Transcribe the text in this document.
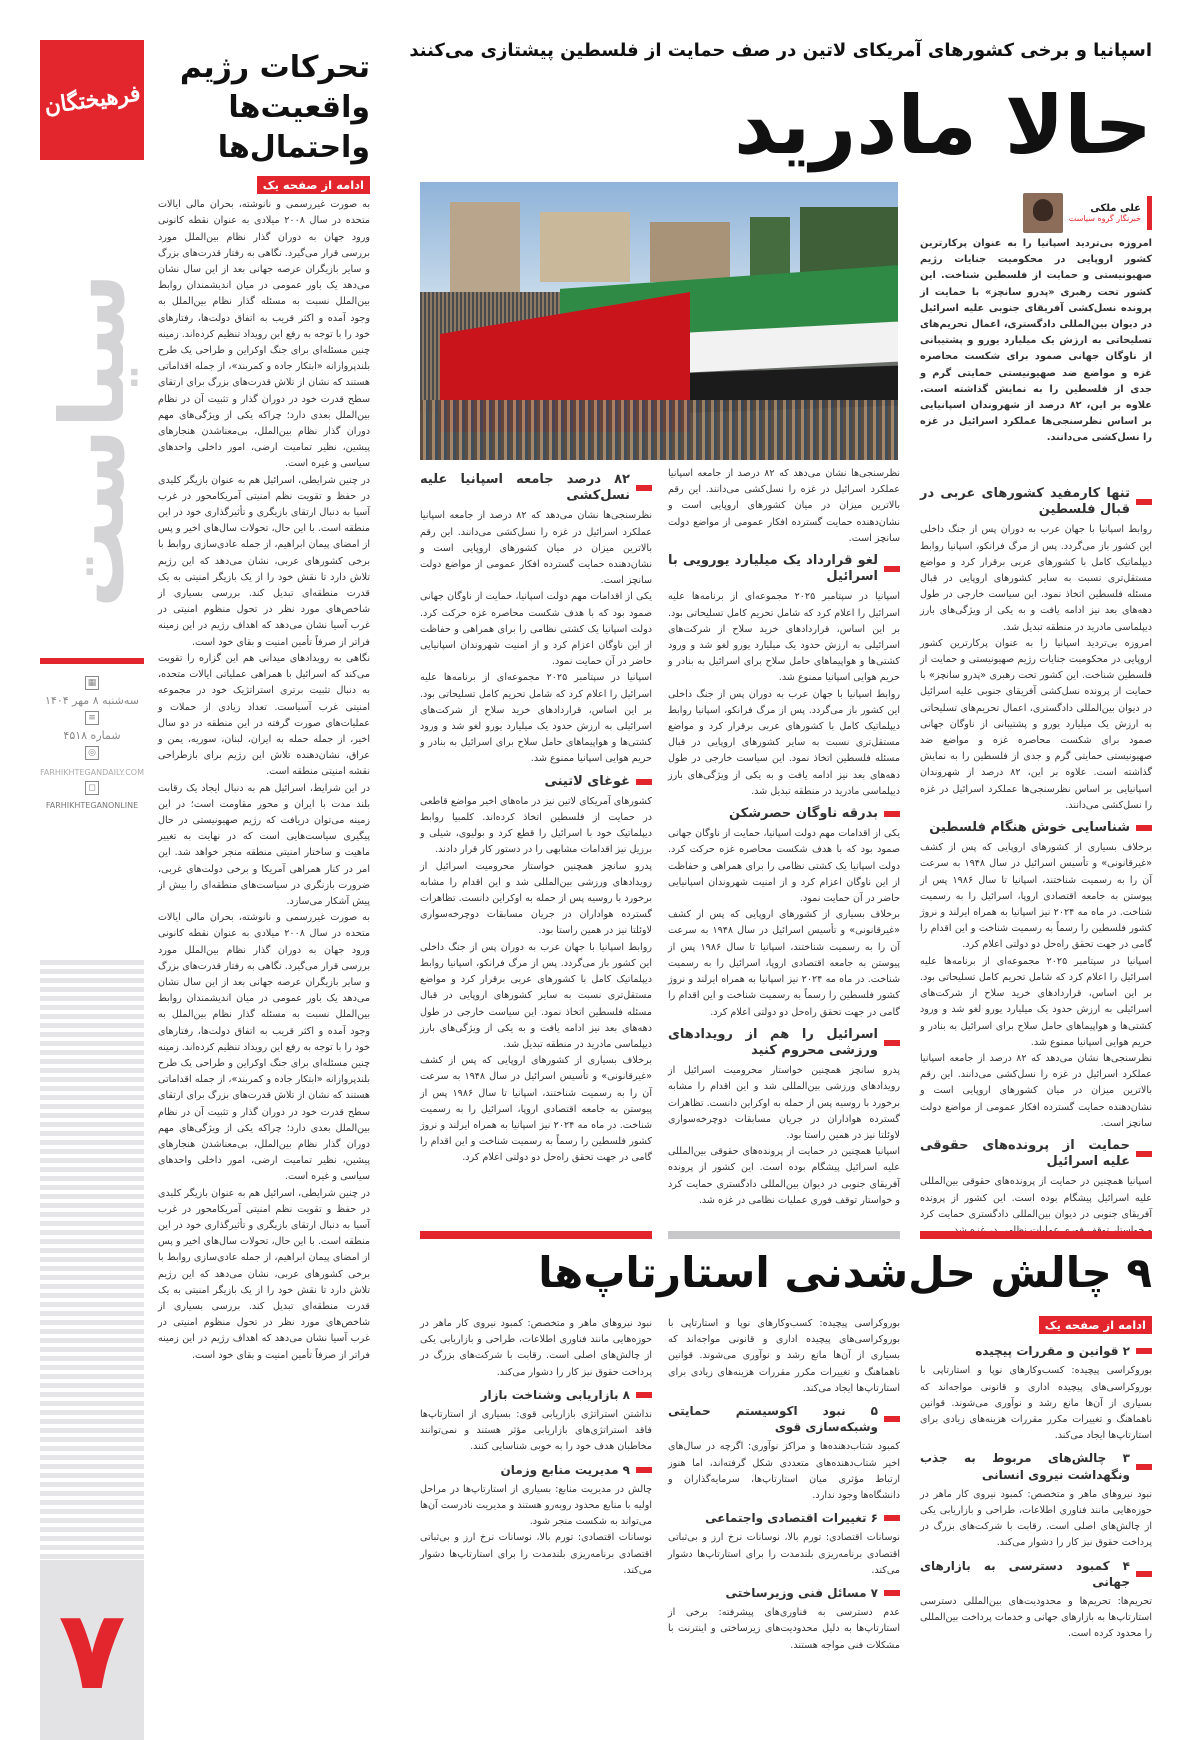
فرهیختگان
سیاست
▦
سه‌شنبه ۸ مهر ۱۴۰۴
≡
شماره ۴۵۱۸
◎
FARHIKHTEGANDAILY.COM
◻
FARHIKHTEGANONLINE
۷
تحرکات رژیم واقعیت‌ها واحتمال‌ها
ادامه از صفحه یک

به صورت غیررسمی و نانوشته، بحران مالی ایالات متحده در سال ۲۰۰۸ میلادی به عنوان نقطه کانونی ورود جهان به دوران گذار نظام بین‌الملل مورد بررسی قرار می‌گیرد. نگاهی به رفتار قدرت‌های بزرگ و سایر بازیگران عرصه جهانی بعد از این سال نشان می‌دهد یک باور عمومی در میان اندیشمندان روابط بین‌الملل نسبت به مسئله گذار نظام بین‌الملل به وجود آمده و اکثر قریب به اتفاق دولت‌ها، رفتارهای خود را با توجه به رفع این رویداد تنظیم کرده‌اند. زمینه چنین مسئله‌ای برای جنگ اوکراین و طراحی یک طرح بلندپروازانه «ابتکار جاده و کمربند»، از جمله اقداماتی هستند که نشان از تلاش قدرت‌های بزرگ برای ارتقای سطح قدرت خود در دوران گذار و تثبیت آن در نظام بین‌الملل بعدی دارد؛ چراکه یکی از ویژگی‌های مهم دوران گذار نظام بین‌الملل، بی‌معناشدن هنجارهای پیشین، نظیر تمامیت ارضی، امور داخلی واحدهای سیاسی و غیره است.

در چنین شرایطی، اسرائیل هم به عنوان بازیگر کلیدی در حفظ و تقویت نظم امنیتی آمریکامحور در غرب آسیا به دنبال ارتقای بازیگری و تأثیرگذاری خود در این منطقه است. با این حال، تحولات سال‌های اخیر و پس از امضای پیمان ابراهیم، از جمله عادی‌سازی روابط با برخی کشورهای عربی، نشان می‌دهد که این رژیم تلاش دارد تا نقش خود را از یک بازیگر امنیتی به یک قدرت منطقه‌ای تبدیل کند. بررسی بسیاری از شاخص‌های مورد نظر در تحول منظوم امنیتی در غرب آسیا نشان می‌دهد که اهداف رژیم در این زمینه فراتر از صرفاً تأمین امنیت و بقای خود است.

نگاهی به رویدادهای میدانی هم این گزاره را تقویت می‌کند که اسرائیل با همراهی عملیاتی ایالات متحده، به دنبال تثبیت برتری استراتژیک خود در مجموعه امنیتی غرب آسیاست. تعداد زیادی از حملات و عملیات‌های صورت گرفته در این منطقه در دو سال اخیر، از جمله حمله به ایران، لبنان، سوریه، یمن و عراق، نشان‌دهنده تلاش این رژیم برای بازطراحی نقشه امنیتی منطقه است.

در این شرایط، اسرائیل هم به دنبال ایجاد یک رقابت بلند مدت با ایران و محور مقاومت است؛ در این زمینه می‌توان دریافت که رژیم صهیونیستی در حال پیگیری سیاست‌هایی است که در نهایت به تغییر ماهیت و ساختار امنیتی منطقه منجر خواهد شد. این امر در کنار همراهی آمریکا و برخی دولت‌های غربی، ضرورت بازنگری در سیاست‌های منطقه‌ای را بیش از پیش آشکار می‌سازد.

به صورت غیررسمی و نانوشته، بحران مالی ایالات متحده در سال ۲۰۰۸ میلادی به عنوان نقطه کانونی ورود جهان به دوران گذار نظام بین‌الملل مورد بررسی قرار می‌گیرد. نگاهی به رفتار قدرت‌های بزرگ و سایر بازیگران عرصه جهانی بعد از این سال نشان می‌دهد یک باور عمومی در میان اندیشمندان روابط بین‌الملل نسبت به مسئله گذار نظام بین‌الملل به وجود آمده و اکثر قریب به اتفاق دولت‌ها، رفتارهای خود را با توجه به رفع این رویداد تنظیم کرده‌اند. زمینه چنین مسئله‌ای برای جنگ اوکراین و طراحی یک طرح بلندپروازانه «ابتکار جاده و کمربند»، از جمله اقداماتی هستند که نشان از تلاش قدرت‌های بزرگ برای ارتقای سطح قدرت خود در دوران گذار و تثبیت آن در نظام بین‌الملل بعدی دارد؛ چراکه یکی از ویژگی‌های مهم دوران گذار نظام بین‌الملل، بی‌معناشدن هنجارهای پیشین، نظیر تمامیت ارضی، امور داخلی واحدهای سیاسی و غیره است.

در چنین شرایطی، اسرائیل هم به عنوان بازیگر کلیدی در حفظ و تقویت نظم امنیتی آمریکامحور در غرب آسیا به دنبال ارتقای بازیگری و تأثیرگذاری خود در این منطقه است. با این حال، تحولات سال‌های اخیر و پس از امضای پیمان ابراهیم، از جمله عادی‌سازی روابط با برخی کشورهای عربی، نشان می‌دهد که این رژیم تلاش دارد تا نقش خود را از یک بازیگر امنیتی به یک قدرت منطقه‌ای تبدیل کند. بررسی بسیاری از شاخص‌های مورد نظر در تحول منظوم امنیتی در غرب آسیا نشان می‌دهد که اهداف رژیم در این زمینه فراتر از صرفاً تأمین امنیت و بقای خود است.

اسپانیا و برخی کشورهای آمریکای لاتین در صف حمایت از فلسطین پیشتازی می‌کنند
حالا مادرید
علی ملکی
خبرنگار گروه سیاست

امروزه بی‌تردید اسپانیا را به عنوان پرکارترین کشور اروپایی در محکومیت جنایات رژیم صهیونیستی و حمایت از فلسطین شناخت. این کشور تحت رهبری «پدرو سانچز» با حمایت از پرونده نسل‌کشی آفریقای جنوبی علیه اسرائیل در دیوان بین‌المللی دادگستری، اعمال تحریم‌های تسلیحاتی به ارزش یک میلیارد یورو و پشتیبانی از ناوگان جهانی صمود برای شکست محاصره غزه و مواضع ضد صهیونیستی حمایتی گرم و جدی از فلسطین را به نمایش گذاشته است. علاوه بر این، ۸۲ درصد از شهروندان اسپانیایی بر اساس نظرسنجی‌ها عملکرد اسرائیل در غزه را نسل‌کشی می‌دانند.

تنها کارمفید کشورهای عربی در قبال فلسطین

روابط اسپانیا با جهان عرب به دوران پس از جنگ داخلی این کشور باز می‌گردد. پس از مرگ فرانکو، اسپانیا روابط دیپلماتیک کامل با کشورهای عربی برقرار کرد و مواضع مستقل‌تری نسبت به سایر کشورهای اروپایی در قبال مسئله فلسطین اتخاذ نمود. این سیاست خارجی در طول دهه‌های بعد نیز ادامه یافت و به یکی از ویژگی‌های بارز دیپلماسی مادرید در منطقه تبدیل شد.

امروزه بی‌تردید اسپانیا را به عنوان پرکارترین کشور اروپایی در محکومیت جنایات رژیم صهیونیستی و حمایت از فلسطین شناخت. این کشور تحت رهبری «پدرو سانچز» با حمایت از پرونده نسل‌کشی آفریقای جنوبی علیه اسرائیل در دیوان بین‌المللی دادگستری، اعمال تحریم‌های تسلیحاتی به ارزش یک میلیارد یورو و پشتیبانی از ناوگان جهانی صمود برای شکست محاصره غزه و مواضع ضد صهیونیستی حمایتی گرم و جدی از فلسطین را به نمایش گذاشته است. علاوه بر این، ۸۲ درصد از شهروندان اسپانیایی بر اساس نظرسنجی‌ها عملکرد اسرائیل در غزه را نسل‌کشی می‌دانند.

شناسایی خوش هنگام فلسطین

برخلاف بسیاری از کشورهای اروپایی که پس از کشف «غیرقانونی» و تأسیس اسرائیل در سال ۱۹۴۸ به سرعت آن را به رسمیت شناختند، اسپانیا تا سال ۱۹۸۶ پس از پیوستن به جامعه اقتصادی اروپا، اسرائیل را به رسمیت شناخت. در ماه مه ۲۰۲۴ نیز اسپانیا به همراه ایرلند و نروژ کشور فلسطین را رسماً به رسمیت شناخت و این اقدام را گامی در جهت تحقق راه‌حل دو دولتی اعلام کرد.

اسپانیا در سپتامبر ۲۰۲۵ مجموعه‌ای از برنامه‌ها علیه اسرائیل را اعلام کرد که شامل تحریم کامل تسلیحاتی بود. بر این اساس، قراردادهای خرید سلاح از شرکت‌های اسرائیلی به ارزش حدود یک میلیارد یورو لغو شد و ورود کشتی‌ها و هواپیماهای حامل سلاح برای اسرائیل به بنادر و حریم هوایی اسپانیا ممنوع شد.

نظرسنجی‌ها نشان می‌دهد که ۸۲ درصد از جامعه اسپانیا عملکرد اسرائیل در غزه را نسل‌کشی می‌دانند. این رقم بالاترین میزان در میان کشورهای اروپایی است و نشان‌دهنده حمایت گسترده افکار عمومی از مواضع دولت سانچز است.

حمایت از پرونده‌های حقوقی علیه اسرائیل

اسپانیا همچنین در حمایت از پرونده‌های حقوقی بین‌المللی علیه اسرائیل پیشگام بوده است. این کشور از پرونده آفریقای جنوبی در دیوان بین‌المللی دادگستری حمایت کرد

نظرسنجی‌ها نشان می‌دهد که ۸۲ درصد از جامعه اسپانیا عملکرد اسرائیل در غزه را نسل‌کشی می‌دانند. این رقم بالاترین میزان در میان کشورهای اروپایی است و نشان‌دهنده حمایت گسترده افکار عمومی از مواضع دولت سانچز است.

لغو قرارداد یک میلیارد یورویی با اسرائیل

اسپانیا در سپتامبر ۲۰۲۵ مجموعه‌ای از برنامه‌ها علیه اسرائیل را اعلام کرد که شامل تحریم کامل تسلیحاتی بود. بر این اساس، قراردادهای خرید سلاح از شرکت‌های اسرائیلی به ارزش حدود یک میلیارد یورو لغو شد و ورود کشتی‌ها و هواپیماهای حامل سلاح برای اسرائیل به بنادر و حریم هوایی اسپانیا ممنوع شد.

روابط اسپانیا با جهان عرب به دوران پس از جنگ داخلی این کشور باز می‌گردد. پس از مرگ فرانکو، اسپانیا روابط دیپلماتیک کامل با کشورهای عربی برقرار کرد و مواضع مستقل‌تری نسبت به سایر کشورهای اروپایی در قبال مسئله فلسطین اتخاذ نمود. این سیاست خارجی در طول دهه‌های بعد نیز ادامه یافت و به یکی از ویژگی‌های بارز دیپلماسی مادرید در منطقه تبدیل شد.

بدرقه ناوگان حصرشکن

یکی از اقدامات مهم دولت اسپانیا، حمایت از ناوگان جهانی صمود بود که با هدف شکست محاصره غزه حرکت کرد. دولت اسپانیا یک کشتی نظامی را برای همراهی و حفاظت از این ناوگان اعزام کرد و از امنیت شهروندان اسپانیایی حاضر در آن حمایت نمود.

برخلاف بسیاری از کشورهای اروپایی که پس از کشف «غیرقانونی» و تأسیس اسرائیل در سال ۱۹۴۸ به سرعت آن را به رسمیت شناختند، اسپانیا تا سال ۱۹۸۶ پس از پیوستن به جامعه اقتصادی اروپا، اسرائیل را به رسمیت شناخت. در ماه مه ۲۰۲۴ نیز اسپانیا به همراه ایرلند و نروژ کشور فلسطین را رسماً به رسمیت شناخت و این اقدام را گامی در جهت تحقق راه‌حل دو دولتی اعلام کرد.

اسرائیل را هم از رویدادهای ورزشی محروم کنید

پدرو سانچز همچنین خواستار محرومیت اسرائیل از رویدادهای ورزشی بین‌المللی شد و این اقدام را مشابه برخورد با روسیه پس از حمله به اوکراین دانست. تظاهرات گسترده هواداران در جریان مسابقات دوچرخه‌سواری لاوئلتا نیز در همین راستا بود.

اسپانیا همچنین در حمایت از پرونده‌های حقوقی بین‌المللی علیه اسرائیل پیشگام بوده است. این کشور از پرونده آفریقای جنوبی در دیوان بین‌المللی دادگستری حمایت کرد و خواستار توقف فوری عملیات نظامی در غزه شد.

۸۲ درصد جامعه اسپانیا علیه نسل‌کشی

نظرسنجی‌ها نشان می‌دهد که ۸۲ درصد از جامعه اسپانیا عملکرد اسرائیل در غزه را نسل‌کشی می‌دانند. این رقم بالاترین میزان در میان کشورهای اروپایی است و نشان‌دهنده حمایت گسترده افکار عمومی از مواضع دولت سانچز است.

یکی از اقدامات مهم دولت اسپانیا، حمایت از ناوگان جهانی صمود بود که با هدف شکست محاصره غزه حرکت کرد. دولت اسپانیا یک کشتی نظامی را برای همراهی و حفاظت از این ناوگان اعزام کرد و از امنیت شهروندان اسپانیایی حاضر در آن حمایت نمود.

اسپانیا در سپتامبر ۲۰۲۵ مجموعه‌ای از برنامه‌ها علیه اسرائیل را اعلام کرد که شامل تحریم کامل تسلیحاتی بود. بر این اساس، قراردادهای خرید سلاح از شرکت‌های اسرائیلی به ارزش حدود یک میلیارد یورو لغو شد و ورود کشتی‌ها و هواپیماهای حامل سلاح برای اسرائیل به بنادر و حریم هوایی اسپانیا ممنوع شد.

غوغای لاتینی

کشورهای آمریکای لاتین نیز در ماه‌های اخیر مواضع قاطعی در حمایت از فلسطین اتخاذ کرده‌اند. کلمبیا روابط دیپلماتیک خود با اسرائیل را قطع کرد و بولیوی، شیلی و برزیل نیز اقدامات مشابهی را در دستور کار قرار دادند.

پدرو سانچز همچنین خواستار محرومیت اسرائیل از رویدادهای ورزشی بین‌المللی شد و این اقدام را مشابه برخورد با روسیه پس از حمله به اوکراین دانست. تظاهرات گسترده هواداران در جریان مسابقات دوچرخه‌سواری لاوئلتا نیز در همین راستا بود.

روابط اسپانیا با جهان عرب به دوران پس از جنگ داخلی این کشور باز می‌گردد. پس از مرگ فرانکو، اسپانیا روابط دیپلماتیک کامل با کشورهای عربی برقرار کرد و مواضع مستقل‌تری نسبت به سایر کشورهای اروپایی در قبال مسئله فلسطین اتخاذ نمود. این سیاست خارجی در طول دهه‌های بعد نیز ادامه یافت و به یکی از ویژگی‌های بارز دیپلماسی مادرید در منطقه تبدیل شد.

برخلاف بسیاری از کشورهای اروپایی که پس از کشف «غیرقانونی» و تأسیس اسرائیل در سال ۱۹۴۸ به سرعت آن را به رسمیت شناختند، اسپانیا تا سال ۱۹۸۶ پس از پیوستن به جامعه اقتصادی اروپا، اسرائیل را به رسمیت شناخت. در ماه مه ۲۰۲۴ نیز اسپانیا به همراه ایرلند و نروژ کشور فلسطین را رسماً به رسمیت شناخت و این اقدام را گامی در جهت تحقق راه‌حل دو دولتی اعلام کرد.

۹ چالش حل‌شدنی استارتاپ‌ها
ادامه از صفحه یک
۲ قوانین و مقررات پیچیده

بوروکراسی پیچیده: کسب‌وکارهای نوپا و استارتاپی با بوروکراسی‌های پیچیده اداری و قانونی مواجه‌اند که بسیاری از آن‌ها مانع رشد و نوآوری می‌شوند. قوانین ناهماهنگ و تغییرات مکرر مقررات هزینه‌های زیادی برای استارتاپ‌ها ایجاد می‌کند.

۳ چالش‌های مربوط به جذب ونگهداشت نیروی انسانی

نبود نیروهای ماهر و متخصص: کمبود نیروی کار ماهر در حوزه‌هایی مانند فناوری اطلاعات، طراحی و بازاریابی یکی از چالش‌های اصلی است. رقابت با شرکت‌های بزرگ در پرداخت حقوق نیز کار را دشوار می‌کند.

۴ کمبود دسترسی به بازارهای جهانی

تحریم‌ها: تحریم‌ها و محدودیت‌های بین‌المللی دسترسی استارتاپ‌ها به بازارهای جهانی و خدمات پرداخت بین‌المللی را محدود کرده است.

بوروکراسی پیچیده: کسب‌وکارهای نوپا و استارتاپی با بوروکراسی‌های پیچیده اداری و قانونی مواجه‌اند که بسیاری از آن‌ها مانع رشد و نوآوری می‌شوند. قوانین ناهماهنگ و تغییرات مکرر مقررات هزینه‌های زیادی برای استارتاپ‌ها ایجاد می‌کند.

۵ نبود اکوسیستم حمایتی وشبکه‌سازی قوی

کمبود شتاب‌دهنده‌ها و مراکز نوآوری: اگرچه در سال‌های اخیر شتاب‌دهنده‌های متعددی شکل گرفته‌اند، اما هنوز ارتباط مؤثری میان استارتاپ‌ها، سرمایه‌گذاران و دانشگاه‌ها وجود ندارد.

۶ تغییرات اقتصادی واجتماعی

نوسانات اقتصادی: تورم بالا، نوسانات نرخ ارز و بی‌ثباتی اقتصادی برنامه‌ریزی بلندمدت را برای استارتاپ‌ها دشوار می‌کند.

۷ مسائل فنی وزیرساختی

عدم دسترسی به فناوری‌های پیشرفته: برخی از استارتاپ‌ها به دلیل محدودیت‌های زیرساختی و اینترنت با مشکلات فنی مواجه هستند.

نبود نیروهای ماهر و متخصص: کمبود نیروی کار ماهر در حوزه‌هایی مانند فناوری اطلاعات، طراحی و بازاریابی یکی از چالش‌های اصلی است. رقابت با شرکت‌های بزرگ در پرداخت حقوق نیز کار را دشوار می‌کند.

۸ بازاریابی وشناخت بازار

نداشتن استراتژی بازاریابی قوی: بسیاری از استارتاپ‌ها فاقد استراتژی‌های بازاریابی مؤثر هستند و نمی‌توانند مخاطبان هدف خود را به خوبی شناسایی کنند.

۹ مدیریت منابع وزمان

چالش در مدیریت منابع: بسیاری از استارتاپ‌ها در مراحل اولیه با منابع محدود روبه‌رو هستند و مدیریت نادرست آن‌ها می‌تواند به شکست منجر شود.

نوسانات اقتصادی: تورم بالا، نوسانات نرخ ارز و بی‌ثباتی اقتصادی برنامه‌ریزی بلندمدت را برای استارتاپ‌ها دشوار می‌کند.
